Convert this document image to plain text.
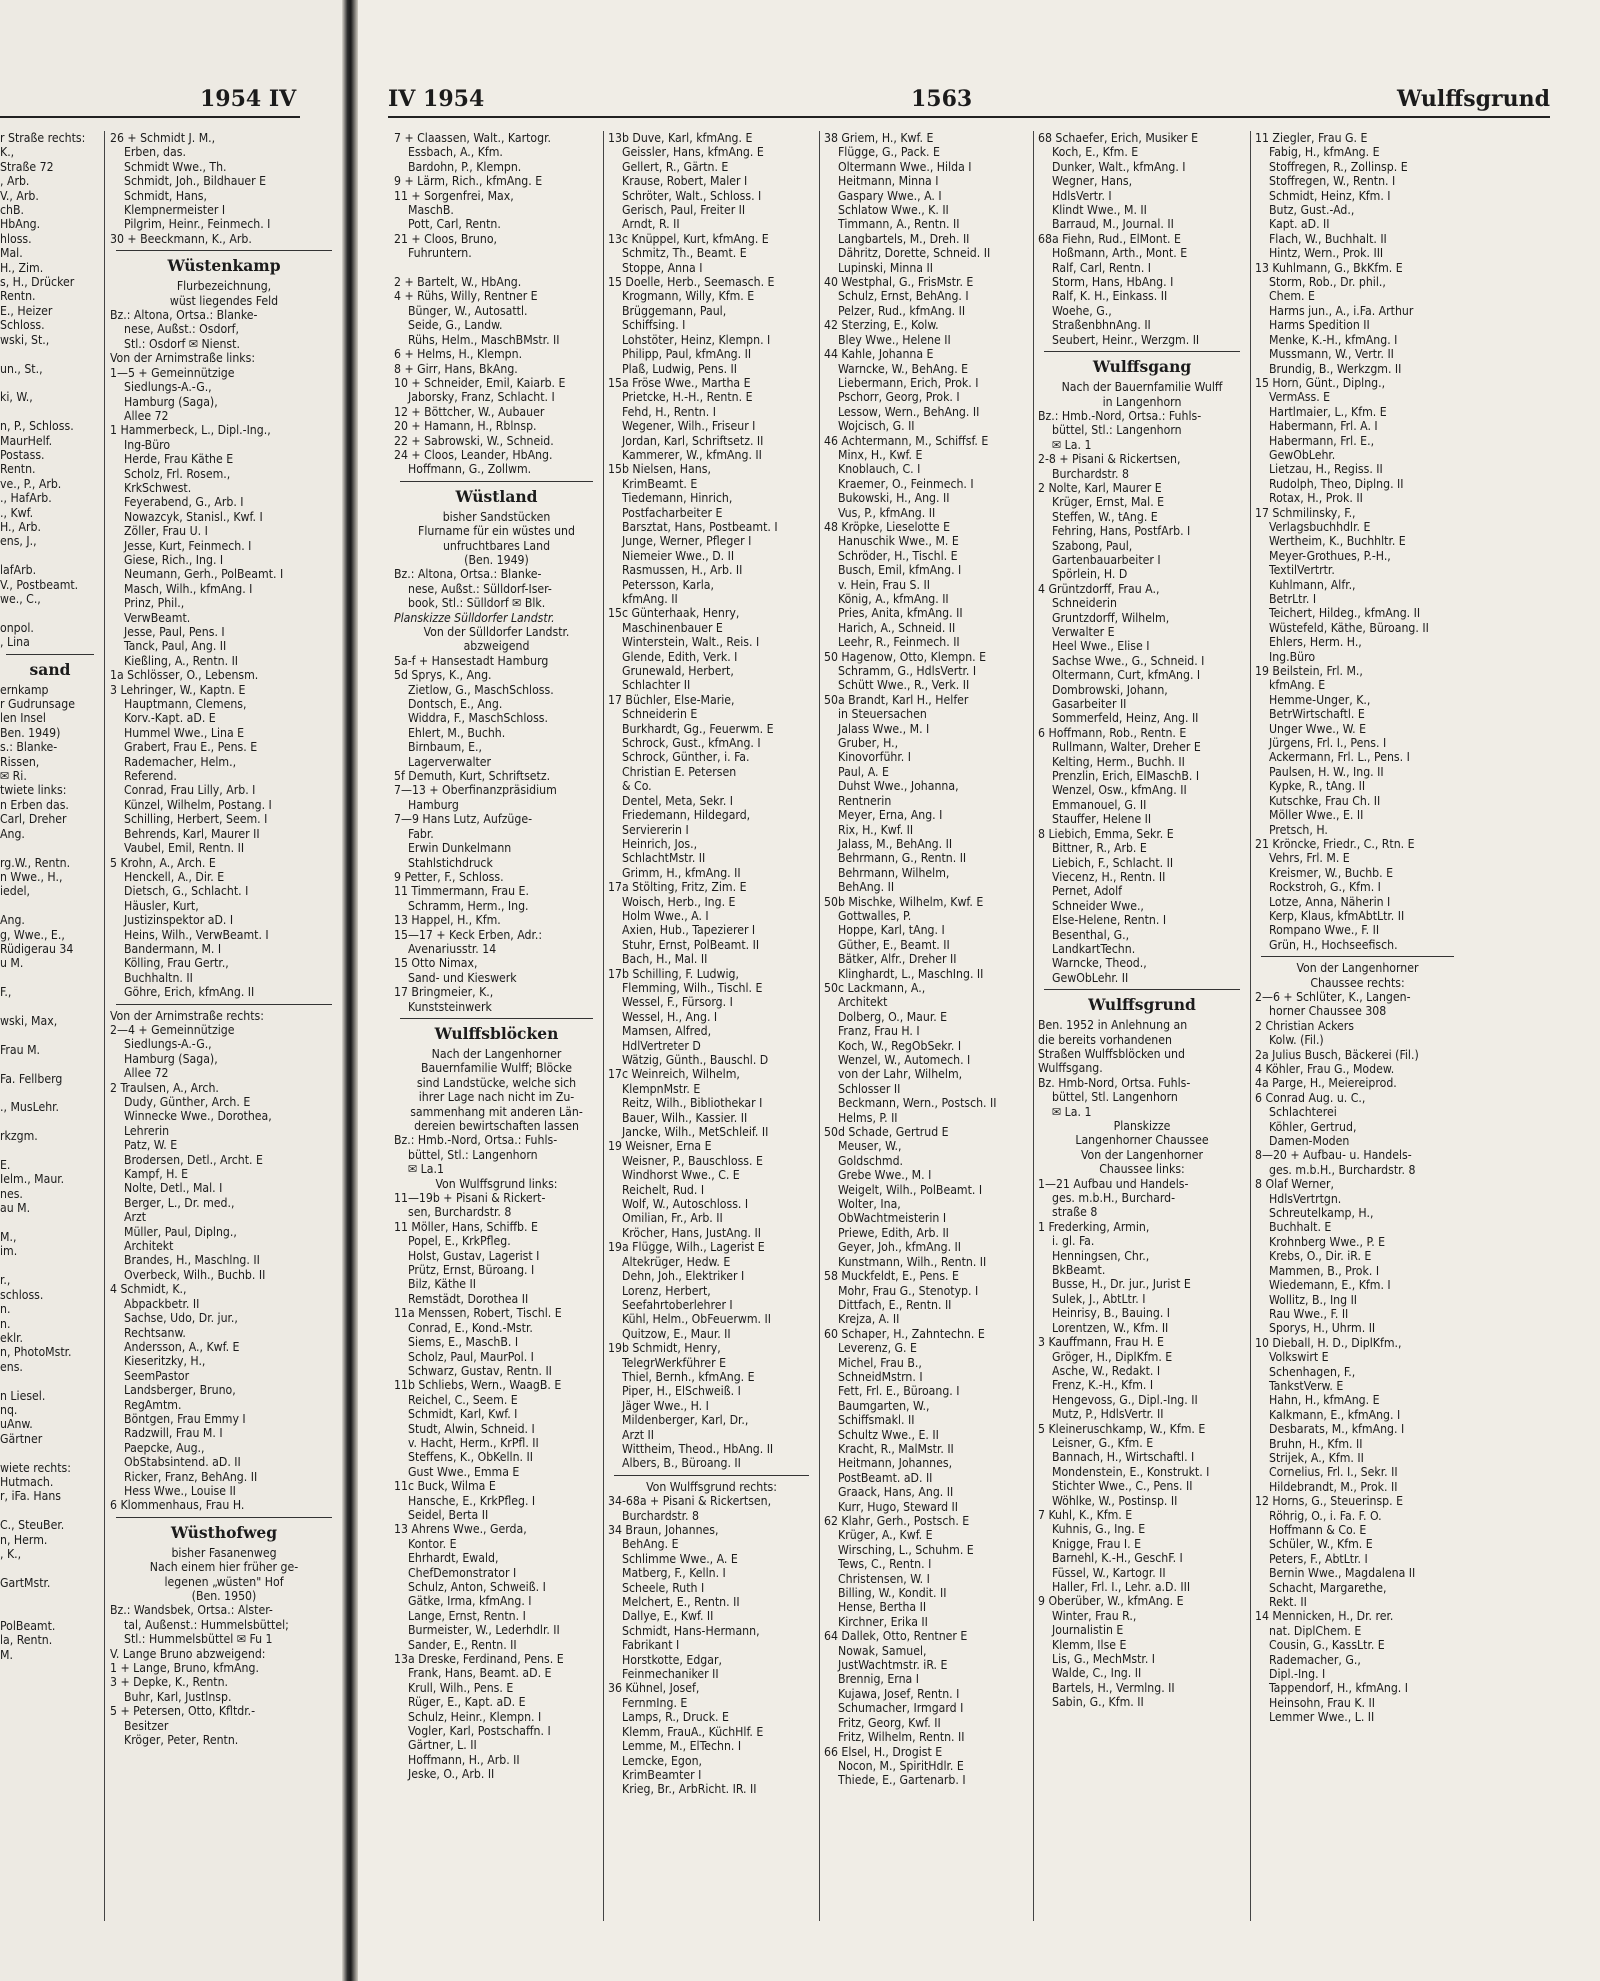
1954 IV
r Straße rechts:
K.,
Straße 72
, Arb.
V., Arb.
chB.
HbAng.
hloss.
Mal.
H., Zim.
s, H., Drücker
Rentn.
E., Heizer
Schloss.
wski, St.,

un., St.,

ki, W.,

n, P., Schloss.
MaurHelf.
Postass.
Rentn.
ve., P., Arb.
., HafArb.
., Kwf.
H., Arb.
ens, J.,

lafArb.
V., Postbeamt.
we., C.,

onpol.
, Lina
sand
ernkamp
r Gudrunsage
len Insel
Ben. 1949)
s.: Blanke-
Rissen,
✉ Ri.
twiete links:
n Erben das.
Carl, Dreher
Ang.

rg.W., Rentn.
n Wwe., H.,
iedel,

Ang.
g, Wwe., E.,
Rüdigerau 34
u M.

F.,

wski, Max,

Frau M.

Fa. Fellberg

., MusLehr.

rkzgm.

E.
Ielm., Maur.
nes.
au M.

M.,
im.

r.,
schloss.
n.
n.
eklr.
n, PhotoMstr.
ens.

n Liesel.
nq.
uAnw.
Gärtner

wiete rechts:
Hutmach.
r, iFa. Hans

C., SteuBer.
n, Herm.
, K.,

GartMstr.

PolBeamt.
la, Rentn.
M.
26 + Schmidt J. M.,
Erben, das.
Schmidt Wwe., Th.
Schmidt, Joh., Bildhauer E
Schmidt, Hans,
Klempnermeister I
Pilgrim, Heinr., Feinmech. I
30 + Beeckmann, K., Arb.
Wüstenkamp
Flurbezeichnung,
wüst liegendes Feld
Bz.: Altona, Ortsa.: Blanke-
nese, Außst.: Osdorf,
Stl.: Osdorf ✉ Nienst.
Von der Arnimstraße links:
1—5 + Gemeinnützige
Siedlungs-A.-G.,
Hamburg (Saga),
Allee 72
1 Hammerbeck, L., Dipl.-Ing.,
Ing-Büro
Herde, Frau Käthe E
Scholz, Frl. Rosem.,
KrkSchwest.
Feyerabend, G., Arb. I
Nowazcyk, Stanisl., Kwf. I
Zöller, Frau U. I
Jesse, Kurt, Feinmech. I
Giese, Rich., Ing. I
Neumann, Gerh., PolBeamt. I
Masch, Wilh., kfmAng. I
Prinz, Phil.,
VerwBeamt.
Jesse, Paul, Pens. I
Tanck, Paul, Ang. II
Kießling, A., Rentn. II
1a Schlösser, O., Lebensm.
3 Lehringer, W., Kaptn. E
Hauptmann, Clemens,
Korv.-Kapt. aD. E
Hummel Wwe., Lina E
Grabert, Frau E., Pens. E
Rademacher, Helm.,
Referend.
Conrad, Frau Lilly, Arb. I
Künzel, Wilhelm, Postang. I
Schilling, Herbert, Seem. I
Behrends, Karl, Maurer II
Vaubel, Emil, Rentn. II
5 Krohn, A., Arch. E
Henckell, A., Dir. E
Dietsch, G., Schlacht. I
Häusler, Kurt,
Justizinspektor aD. I
Heins, Wilh., VerwBeamt. I
Bandermann, M. I
Kölling, Frau Gertr.,
Buchhaltn. II
Göhre, Erich, kfmAng. II
Von der Arnimstraße rechts:
2—4 + Gemeinnützige
Siedlungs-A.-G.,
Hamburg (Saga),
Allee 72
2 Traulsen, A., Arch.
Dudy, Günther, Arch. E
Winnecke Wwe., Dorothea,
Lehrerin
Patz, W. E
Brodersen, Detl., Archt. E
Kampf, H. E
Nolte, Detl., Mal. I
Berger, L., Dr. med.,
Arzt
Müller, Paul, Diplng.,
Architekt
Brandes, H., Maschlng. II
Overbeck, Wilh., Buchb. II
4 Schmidt, K.,
Abpackbetr. II
Sachse, Udo, Dr. jur.,
Rechtsanw.
Andersson, A., Kwf. E
Kieseritzky, H.,
SeemPastor
Landsberger, Bruno,
RegAmtm.
Böntgen, Frau Emmy I
Radzwill, Frau M. I
Paepcke, Aug.,
ObStabsintend. aD. II
Ricker, Franz, BehAng. II
Hess Wwe., Louise II
6 Klommenhaus, Frau H.
Wüsthofweg
bisher Fasanenweg
Nach einem hier früher ge-
legenen „wüsten" Hof
(Ben. 1950)
Bz.: Wandsbek, Ortsa.: Alster-
tal, Außenst.: Hummelsbüttel;
Stl.: Hummelsbüttel ✉ Fu 1
V. Lange Bruno abzweigend:
1 + Lange, Bruno, kfmAng.
3 + Depke, K., Rentn.
Buhr, Karl, Justlnsp.
5 + Petersen, Otto, Kfltdr.-
Besitzer
Kröger, Peter, Rentn.
IV 1954	1563	Wulffsgrund
7 + Claassen, Walt., Kartogr.
Essbach, A., Kfm.
Bardohn, P., Klempn.
9 + Lärm, Rich., kfmAng. E
11 + Sorgenfrei, Max,
MaschB.
Pott, Carl, Rentn.
21 + Cloos, Bruno,
Fuhruntern.

2 + Bartelt, W., HbAng.
4 + Rühs, Willy, Rentner E
Bünger, W., Autosattl.
Seide, G., Landw.
Rühs, Helm., MaschBMstr. II
6 + Helms, H., Klempn.
8 + Girr, Hans, BkAng.
10 + Schneider, Emil, Kaiarb. E
Jaborsky, Franz, Schlacht. I
12 + Böttcher, W., Aubauer
20 + Hamann, H., Rblnsp.
22 + Sabrowski, W., Schneid.
24 + Cloos, Leander, HbAng.
Hoffmann, G., Zollwm.
Wüstland
bisher Sandstücken
Flurname für ein wüstes und
unfruchtbares Land
(Ben. 1949)
Bz.: Altona, Ortsa.: Blanke-
nese, Außst.: Sülldorf-Iser-
book, Stl.: Sülldorf ✉ Blk.
Planskizze Sülldorfer Landstr.
Von der Sülldorfer Landstr.
abzweigend
5a-f + Hansestadt Hamburg
5d Sprys, K., Ang.
Zietlow, G., MaschSchloss.
Dontsch, E., Ang.
Widdra, F., MaschSchloss.
Ehlert, M., Buchh.
Birnbaum, E.,
Lagerverwalter
5f Demuth, Kurt, Schriftsetz.
7—13 + Oberfinanzpräsidium
Hamburg
7—9 Hans Lutz, Aufzüge-
Fabr.
Erwin Dunkelmann
Stahlstichdruck
9 Petter, F., Schloss.
11 Timmermann, Frau E.
Schramm, Herm., Ing.
13 Happel, H., Kfm.
15—17 + Keck Erben, Adr.:
Avenariusstr. 14
15 Otto Nimax,
Sand- und Kieswerk
17 Bringmeier, K.,
Kunststeinwerk
Wulffsblöcken
Nach der Langenhorner
Bauernfamilie Wulff; Blöcke
sind Landstücke, welche sich
ihrer Lage nach nicht im Zu-
sammenhang mit anderen Län-
dereien bewirtschaften lassen
Bz.: Hmb.-Nord, Ortsa.: Fuhls-
büttel, Stl.: Langenhorn
✉ La.1
Von Wulffsgrund links:
11—19b + Pisani & Rickert-
sen, Burchardstr. 8
11 Möller, Hans, Schiffb. E
Popel, E., KrkPfleg.
Holst, Gustav, Lagerist I
Prütz, Ernst, Büroang. I
Bilz, Käthe II
Remstädt, Dorothea II
11a Menssen, Robert, Tischl. E
Conrad, E., Kond.-Mstr.
Siems, E., MaschB. I
Scholz, Paul, MaurPol. I
Schwarz, Gustav, Rentn. II
11b Schliebs, Wern., WaagB. E
Reichel, C., Seem. E
Schmidt, Karl, Kwf. I
Studt, Alwin, Schneid. I
v. Hacht, Herm., KrPfl. II
Steffens, K., ObKelln. II
Gust Wwe., Emma E
11c Buck, Wilma E
Hansche, E., KrkPfleg. I
Seidel, Berta II
13 Ahrens Wwe., Gerda,
Kontor. E
Ehrhardt, Ewald,
ChefDemonstrator I
Schulz, Anton, Schweiß. I
Gätke, Irma, kfmAng. I
Lange, Ernst, Rentn. I
Burmeister, W., Lederhdlr. II
Sander, E., Rentn. II
13a Dreske, Ferdinand, Pens. E
Frank, Hans, Beamt. aD. E
Krull, Wilh., Pens. E
Rüger, E., Kapt. aD. E
Schulz, Heinr., Klempn. I
Vogler, Karl, Postschaffn. I
Gärtner, L. II
Hoffmann, H., Arb. II
Jeske, O., Arb. II
13b Duve, Karl, kfmAng. E
Geissler, Hans, kfmAng. E
Gellert, R., Gärtn. E
Krause, Robert, Maler I
Schröter, Walt., Schloss. I
Gerisch, Paul, Freiter II
Arndt, R. II
13c Knüppel, Kurt, kfmAng. E
Schmitz, Th., Beamt. E
Stoppe, Anna I
15 Doelle, Herb., Seemasch. E
Krogmann, Willy, Kfm. E
Brüggemann, Paul,
Schiffsing. I
Lohstöter, Heinz, Klempn. I
Philipp, Paul, kfmAng. II
Plaß, Ludwig, Pens. II
15a Fröse Wwe., Martha E
Prietcke, H.-H., Rentn. E
Fehd, H., Rentn. I
Wegener, Wilh., Friseur I
Jordan, Karl, Schriftsetz. II
Kammerer, W., kfmAng. II
15b Nielsen, Hans,
KrimBeamt. E
Tiedemann, Hinrich,
Postfacharbeiter E
Barsztat, Hans, Postbeamt. I
Junge, Werner, Pfleger I
Niemeier Wwe., D. II
Rasmussen, H., Arb. II
Petersson, Karla,
kfmAng. II
15c Günterhaak, Henry,
Maschinenbauer E
Winterstein, Walt., Reis. I
Glende, Edith, Verk. I
Grunewald, Herbert,
Schlachter II
17 Büchler, Else-Marie,
Schneiderin E
Burkhardt, Gg., Feuerwm. E
Schrock, Gust., kfmAng. I
Schrock, Günther, i. Fa.
Christian E. Petersen
& Co.
Dentel, Meta, Sekr. I
Friedemann, Hildegard,
Serviererin I
Heinrich, Jos.,
SchlachtMstr. II
Grimm, H., kfmAng. II
17a Stölting, Fritz, Zim. E
Woisch, Herb., Ing. E
Holm Wwe., A. I
Axien, Hub., Tapezierer I
Stuhr, Ernst, PolBeamt. II
Bach, H., Mal. II
17b Schilling, F. Ludwig,
Flemming, Wilh., Tischl. E
Wessel, F., Fürsorg. I
Wessel, H., Ang. I
Mamsen, Alfred,
HdlVertreter D
Wätzig, Günth., Bauschl. D
17c Weinreich, Wilhelm,
KlempnMstr. E
Reitz, Wilh., Bibliothekar I
Bauer, Wilh., Kassier. II
Jancke, Wilh., MetSchleif. II
19 Weisner, Erna E
Weisner, P., Bauschloss. E
Windhorst Wwe., C. E
Reichelt, Rud. I
Wolf, W., Autoschloss. I
Omilian, Fr., Arb. II
Kröcher, Hans, JustAng. II
19a Flügge, Wilh., Lagerist E
Altekrüger, Hedw. E
Dehn, Joh., Elektriker I
Lorenz, Herbert,
Seefahrtoberlehrer I
Kühl, Helm., ObFeuerwm. II
Quitzow, E., Maur. II
19b Schmidt, Henry,
TelegrWerkführer E
Thiel, Bernh., kfmAng. E
Piper, H., ElSchweiß. I
Jäger Wwe., H. I
Mildenberger, Karl, Dr.,
Arzt II
Wittheim, Theod., HbAng. II
Albers, B., Büroang. II
Von Wulffsgrund rechts:
34-68a + Pisani & Rickertsen,
Burchardstr. 8
34 Braun, Johannes,
BehAng. E
Schlimme Wwe., A. E
Matberg, F., Kelln. I
Scheele, Ruth I
Melchert, E., Rentn. II
Dallye, E., Kwf. II
Schmidt, Hans-Hermann,
Fabrikant I
Horstkotte, Edgar,
Feinmechaniker II
36 Kühnel, Josef,
FernmIng. E
Lamps, R., Druck. E
Klemm, FrauA., KüchHlf. E
Lemme, M., ElTechn. I
Lemcke, Egon,
KrimBeamter I
Krieg, Br., ArbRicht. IR. II
38 Griem, H., Kwf. E
Flügge, G., Pack. E
Oltermann Wwe., Hilda I
Heitmann, Minna I
Gaspary Wwe., A. I
Schlatow Wwe., K. II
Timmann, A., Rentn. II
Langbartels, M., Dreh. II
Dähritz, Dorette, Schneid. II
Lupinski, Minna II
40 Westphal, G., FrisMstr. E
Schulz, Ernst, BehAng. I
Pelzer, Rud., kfmAng. II
42 Sterzing, E., Kolw.
Bley Wwe., Helene II
44 Kahle, Johanna E
Warncke, W., BehAng. E
Liebermann, Erich, Prok. I
Pschorr, Georg, Prok. I
Lessow, Wern., BehAng. II
Wojcisch, G. II
46 Achtermann, M., Schiffsf. E
Minx, H., Kwf. E
Knoblauch, C. I
Kraemer, O., Feinmech. I
Bukowski, H., Ang. II
Vus, P., kfmAng. II
48 Kröpke, Lieselotte E
Hanuschik Wwe., M. E
Schröder, H., Tischl. E
Busch, Emil, kfmAng. I
v. Hein, Frau S. II
König, A., kfmAng. II
Pries, Anita, kfmAng. II
Harich, A., Schneid. II
Leehr, R., Feinmech. II
50 Hagenow, Otto, Klempn. E
Schramm, G., HdlsVertr. I
Schütt Wwe., R., Verk. II
50a Brandt, Karl H., Helfer
in Steuersachen
Jalass Wwe., M. I
Gruber, H.,
Kinovorführ. I
Paul, A. E
Duhst Wwe., Johanna,
Rentnerin
Meyer, Erna, Ang. I
Rix, H., Kwf. II
Jalass, M., BehAng. II
Behrmann, G., Rentn. II
Behrmann, Wilhelm,
BehAng. II
50b Mischke, Wilhelm, Kwf. E
Gottwalles, P.
Hoppe, Karl, tAng. I
Güther, E., Beamt. II
Bätker, Alfr., Dreher II
Klinghardt, L., MaschIng. II
50c Lackmann, A.,
Architekt
Dolberg, O., Maur. E
Franz, Frau H. I
Koch, W., RegObSekr. I
Wenzel, W., Automech. I
von der Lahr, Wilhelm,
Schlosser II
Beckmann, Wern., Postsch. II
Helms, P. II
50d Schade, Gertrud E
Meuser, W.,
Goldschmd.
Grebe Wwe., M. I
Weigelt, Wilh., PolBeamt. I
Wolter, Ina,
ObWachtmeisterin I
Priewe, Edith, Arb. II
Geyer, Joh., kfmAng. II
Kunstmann, Wilh., Rentn. II
58 Muckfeldt, E., Pens. E
Mohr, Frau G., Stenotyp. I
Dittfach, E., Rentn. II
Krejza, A. II
60 Schaper, H., Zahntechn. E
Leverenz, G. E
Michel, Frau B.,
SchneidMstrn. I
Fett, Frl. E., Büroang. I
Baumgarten, W.,
Schiffsmakl. II
Schultz Wwe., E. II
Kracht, R., MalMstr. II
Heitmann, Johannes,
PostBeamt. aD. II
Graack, Hans, Ang. II
Kurr, Hugo, Steward II
62 Klahr, Gerh., Postsch. E
Krüger, A., Kwf. E
Wirsching, L., Schuhm. E
Tews, C., Rentn. I
Christensen, W. I
Billing, W., Kondit. II
Hense, Bertha II
Kirchner, Erika II
64 Dallek, Otto, Rentner E
Nowak, Samuel,
JustWachtmstr. iR. E
Brennig, Erna I
Kujawa, Josef, Rentn. I
Schumacher, Irmgard I
Fritz, Georg, Kwf. II
Fritz, Wilhelm, Rentn. II
66 Elsel, H., Drogist E
Nocon, M., SpiritHdlr. E
Thiede, E., Gartenarb. I
68 Schaefer, Erich, Musiker E
Koch, E., Kfm. E
Dunker, Walt., kfmAng. I
Wegner, Hans,
HdlsVertr. I
Klindt Wwe., M. II
Barraud, M., Journal. II
68a Fiehn, Rud., ElMont. E
Hoßmann, Arth., Mont. E
Ralf, Carl, Rentn. I
Storm, Hans, HbAng. I
Ralf, K. H., Einkass. II
Woehe, G.,
StraßenbhnAng. II
Seubert, Heinr., Werzgm. II
Wulffsgang
Nach der Bauernfamilie Wulff
in Langenhorn
Bz.: Hmb.-Nord, Ortsa.: Fuhls-
büttel, Stl.: Langenhorn
✉ La. 1
2-8 + Pisani & Rickertsen,
Burchardstr. 8
2 Nolte, Karl, Maurer E
Krüger, Ernst, Mal. E
Steffen, W., tAng. E
Fehring, Hans, PostfArb. I
Szabong, Paul,
Gartenbauarbeiter I
Spörlein, H. D
4 Grüntzdorff, Frau A.,
Schneiderin
Gruntzdorff, Wilhelm,
Verwalter E
Heel Wwe., Elise I
Sachse Wwe., G., Schneid. I
Oltermann, Curt, kfmAng. I
Dombrowski, Johann,
Gasarbeiter II
Sommerfeld, Heinz, Ang. II
6 Hoffmann, Rob., Rentn. E
Rullmann, Walter, Dreher E
Kelting, Herm., Buchh. II
Prenzlin, Erich, ElMaschB. I
Wenzel, Osw., kfmAng. II
Emmanouel, G. II
Stauffer, Helene II
8 Liebich, Emma, Sekr. E
Bittner, R., Arb. E
Liebich, F., Schlacht. II
Viecenz, H., Rentn. II
Pernet, Adolf
Schneider Wwe.,
Else-Helene, Rentn. I
Besenthal, G.,
LandkartTechn.
Warncke, Theod.,
GewObLehr. II
Wulffsgrund
Ben. 1952 in Anlehnung an
die bereits vorhandenen
Straßen Wulffsblöcken und
Wulffsgang.
Bz. Hmb-Nord, Ortsa. Fuhls-
büttel, Stl. Langenhorn
✉ La. 1
Planskizze
Langenhorner Chaussee
Von der Langenhorner
Chaussee links:
1—21 Aufbau und Handels-
ges. m.b.H., Burchard-
straße 8
1 Frederking, Armin,
i. gl. Fa.
Henningsen, Chr.,
BkBeamt.
Busse, H., Dr. jur., Jurist E
Sulek, J., AbtLtr. I
Heinrisy, B., Bauing. I
Lorentzen, W., Kfm. II
3 Kauffmann, Frau H. E
Gröger, H., DiplKfm. E
Asche, W., Redakt. I
Frenz, K.-H., Kfm. I
Hengevoss, G., Dipl.-Ing. II
Mutz, P., HdlsVertr. II
5 Kleineruschkamp, W., Kfm. E
Leisner, G., Kfm. E
Bannach, H., Wirtschaftl. I
Mondenstein, E., Konstrukt. I
Stichter Wwe., C., Pens. II
Wöhlke, W., Postinsp. II
7 Kuhl, K., Kfm. E
Kuhnis, G., Ing. E
Knigge, Frau I. E
Barnehl, K.-H., GeschF. I
Füssel, W., Kartogr. II
Haller, Frl. I., Lehr. a.D. III
9 Oberüber, W., kfmAng. E
Winter, Frau R.,
Journalistin E
Klemm, Ilse E
Lis, G., MechMstr. I
Walde, C., Ing. II
Bartels, H., Vermlng. II
Sabin, G., Kfm. II
11 Ziegler, Frau G. E
Fabig, H., kfmAng. E
Stoffregen, R., Zollinsp. E
Stoffregen, W., Rentn. I
Schmidt, Heinz, Kfm. I
Butz, Gust.-Ad.,
Kapt. aD. II
Flach, W., Buchhalt. II
Hintz, Wern., Prok. III
13 Kuhlmann, G., BkKfm. E
Storm, Rob., Dr. phil.,
Chem. E
Harms jun., A., i.Fa. Arthur
Harms Spedition II
Menke, K.-H., kfmAng. I
Mussmann, W., Vertr. II
Brundig, B., Werkzgm. II
15 Horn, Günt., Diplng.,
VermAss. E
Hartlmaier, L., Kfm. E
Habermann, Frl. A. I
Habermann, Frl. E.,
GewObLehr.
Lietzau, H., Regiss. II
Rudolph, Theo, Diplng. II
Rotax, H., Prok. II
17 Schmilinsky, F.,
Verlagsbuchhdlr. E
Wertheim, K., Buchhltr. E
Meyer-Grothues, P.-H.,
TextilVertrtr.
Kuhlmann, Alfr.,
BetrLtr. I
Teichert, Hildeg., kfmAng. II
Wüstefeld, Käthe, Büroang. II
Ehlers, Herm. H.,
Ing.Büro
19 Beilstein, Frl. M.,
kfmAng. E
Hemme-Unger, K.,
BetrWirtschaftl. E
Unger Wwe., W. E
Jürgens, Frl. I., Pens. I
Ackermann, Frl. L., Pens. I
Paulsen, H. W., Ing. II
Kypke, R., tAng. II
Kutschke, Frau Ch. II
Möller Wwe., E. II
Pretsch, H.
21 Kröncke, Friedr., C., Rtn. E
Vehrs, Frl. M. E
Kreismer, W., Buchb. E
Rockstroh, G., Kfm. I
Lotze, Anna, Näherin I
Kerp, Klaus, kfmAbtLtr. II
Rompano Wwe., F. II
Grün, H., Hochseefisch.
Von der Langenhorner
Chaussee rechts:
2—6 + Schlüter, K., Langen-
horner Chaussee 308
2 Christian Ackers
Kolw. (Fil.)
2a Julius Busch, Bäckerei (Fil.)
4 Köhler, Frau G., Modew.
4a Parge, H., Meiereiprod.
6 Conrad Aug. u. C.,
Schlachterei
Köhler, Gertrud,
Damen-Moden
8—20 + Aufbau- u. Handels-
ges. m.b.H., Burchardstr. 8
8 Olaf Werner,
HdlsVertrtgn.
Schreutelkamp, H.,
Buchhalt. E
Krohnberg Wwe., P. E
Krebs, O., Dir. iR. E
Mammen, B., Prok. I
Wiedemann, E., Kfm. I
Wollitz, B., Ing II
Rau Wwe., F. II
Sporys, H., Uhrm. II
10 Dieball, H. D., DiplKfm.,
Volkswirt E
Schenhagen, F.,
TankstVerw. E
Hahn, H., kfmAng. E
Kalkmann, E., kfmAng. I
Desbarats, M., kfmAng. I
Bruhn, H., Kfm. II
Strijek, A., Kfm. II
Cornelius, Frl. I., Sekr. II
Hildebrandt, M., Prok. II
12 Horns, G., Steuerinsp. E
Röhrig, O., i. Fa. F. O.
Hoffmann & Co. E
Schüler, W., Kfm. E
Peters, F., AbtLtr. I
Bernin Wwe., Magdalena II
Schacht, Margarethe,
Rekt. II
14 Mennicken, H., Dr. rer.
nat. DiplChem. E
Cousin, G., KassLtr. E
Rademacher, G.,
Dipl.-Ing. I
Tappendorf, H., kfmAng. I
Heinsohn, Frau K. II
Lemmer Wwe., L. II
